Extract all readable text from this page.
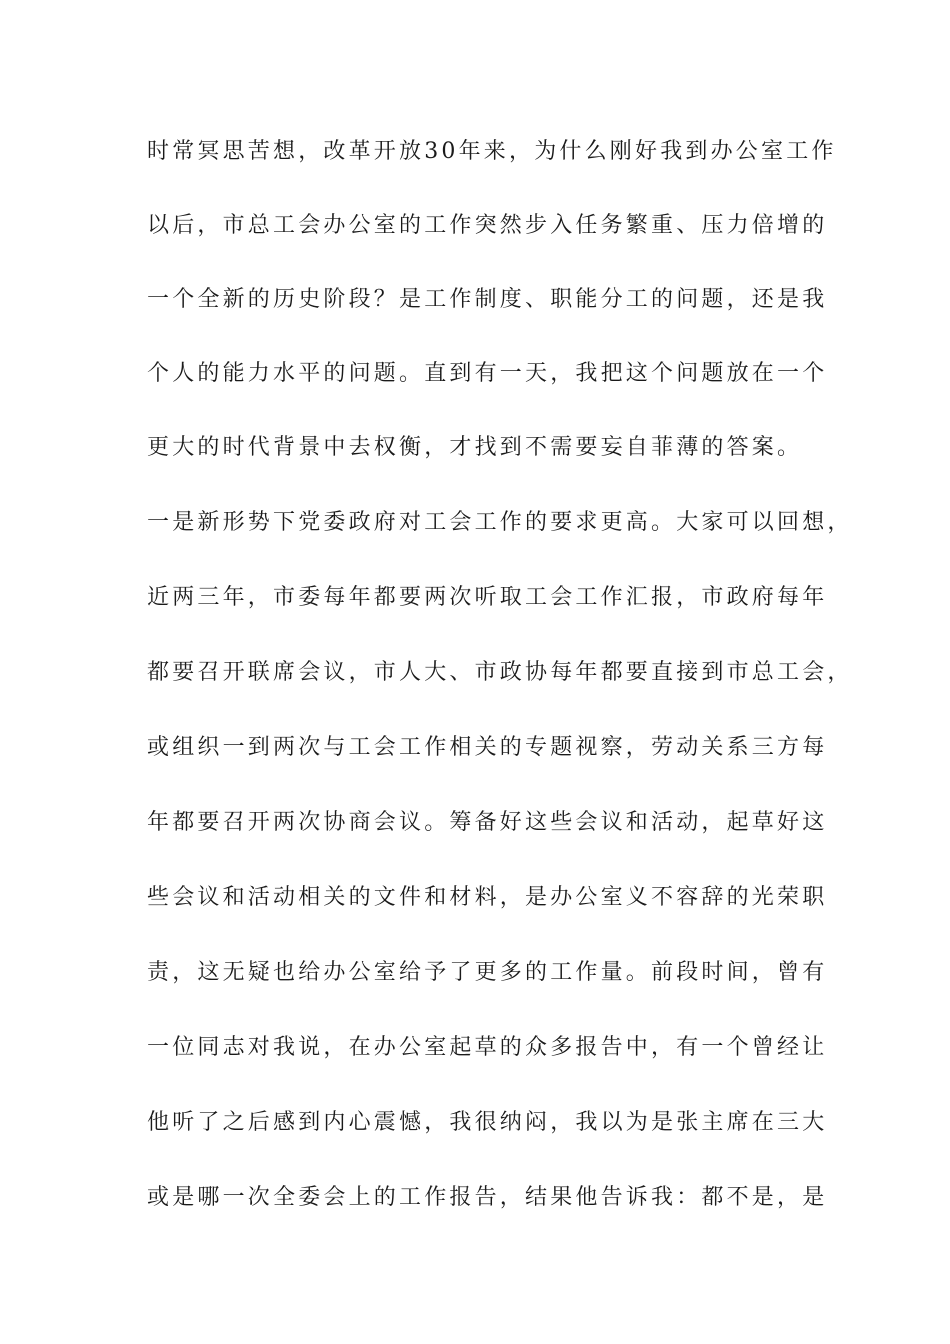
时常冥思苦想，改革开放30年来，为什么刚好我到办公室工作
以后，市总工会办公室的工作突然步入任务繁重、压力倍增的
一个全新的历史阶段？是工作制度、职能分工的问题，还是我
个人的能力水平的问题。直到有一天，我把这个问题放在一个
更大的时代背景中去权衡，才找到不需要妄自菲薄的答案。
一是新形势下党委政府对工会工作的要求更高。大家可以回想，
近两三年，市委每年都要两次听取工会工作汇报，市政府每年
都要召开联席会议，市人大、市政协每年都要直接到市总工会，
或组织一到两次与工会工作相关的专题视察，劳动关系三方每
年都要召开两次协商会议。筹备好这些会议和活动，起草好这
些会议和活动相关的文件和材料，是办公室义不容辞的光荣职
责，这无疑也给办公室给予了更多的工作量。前段时间，曾有
一位同志对我说，在办公室起草的众多报告中，有一个曾经让
他听了之后感到内心震憾，我很纳闷，我以为是张主席在三大
或是哪一次全委会上的工作报告，结果他告诉我：都不是，是
